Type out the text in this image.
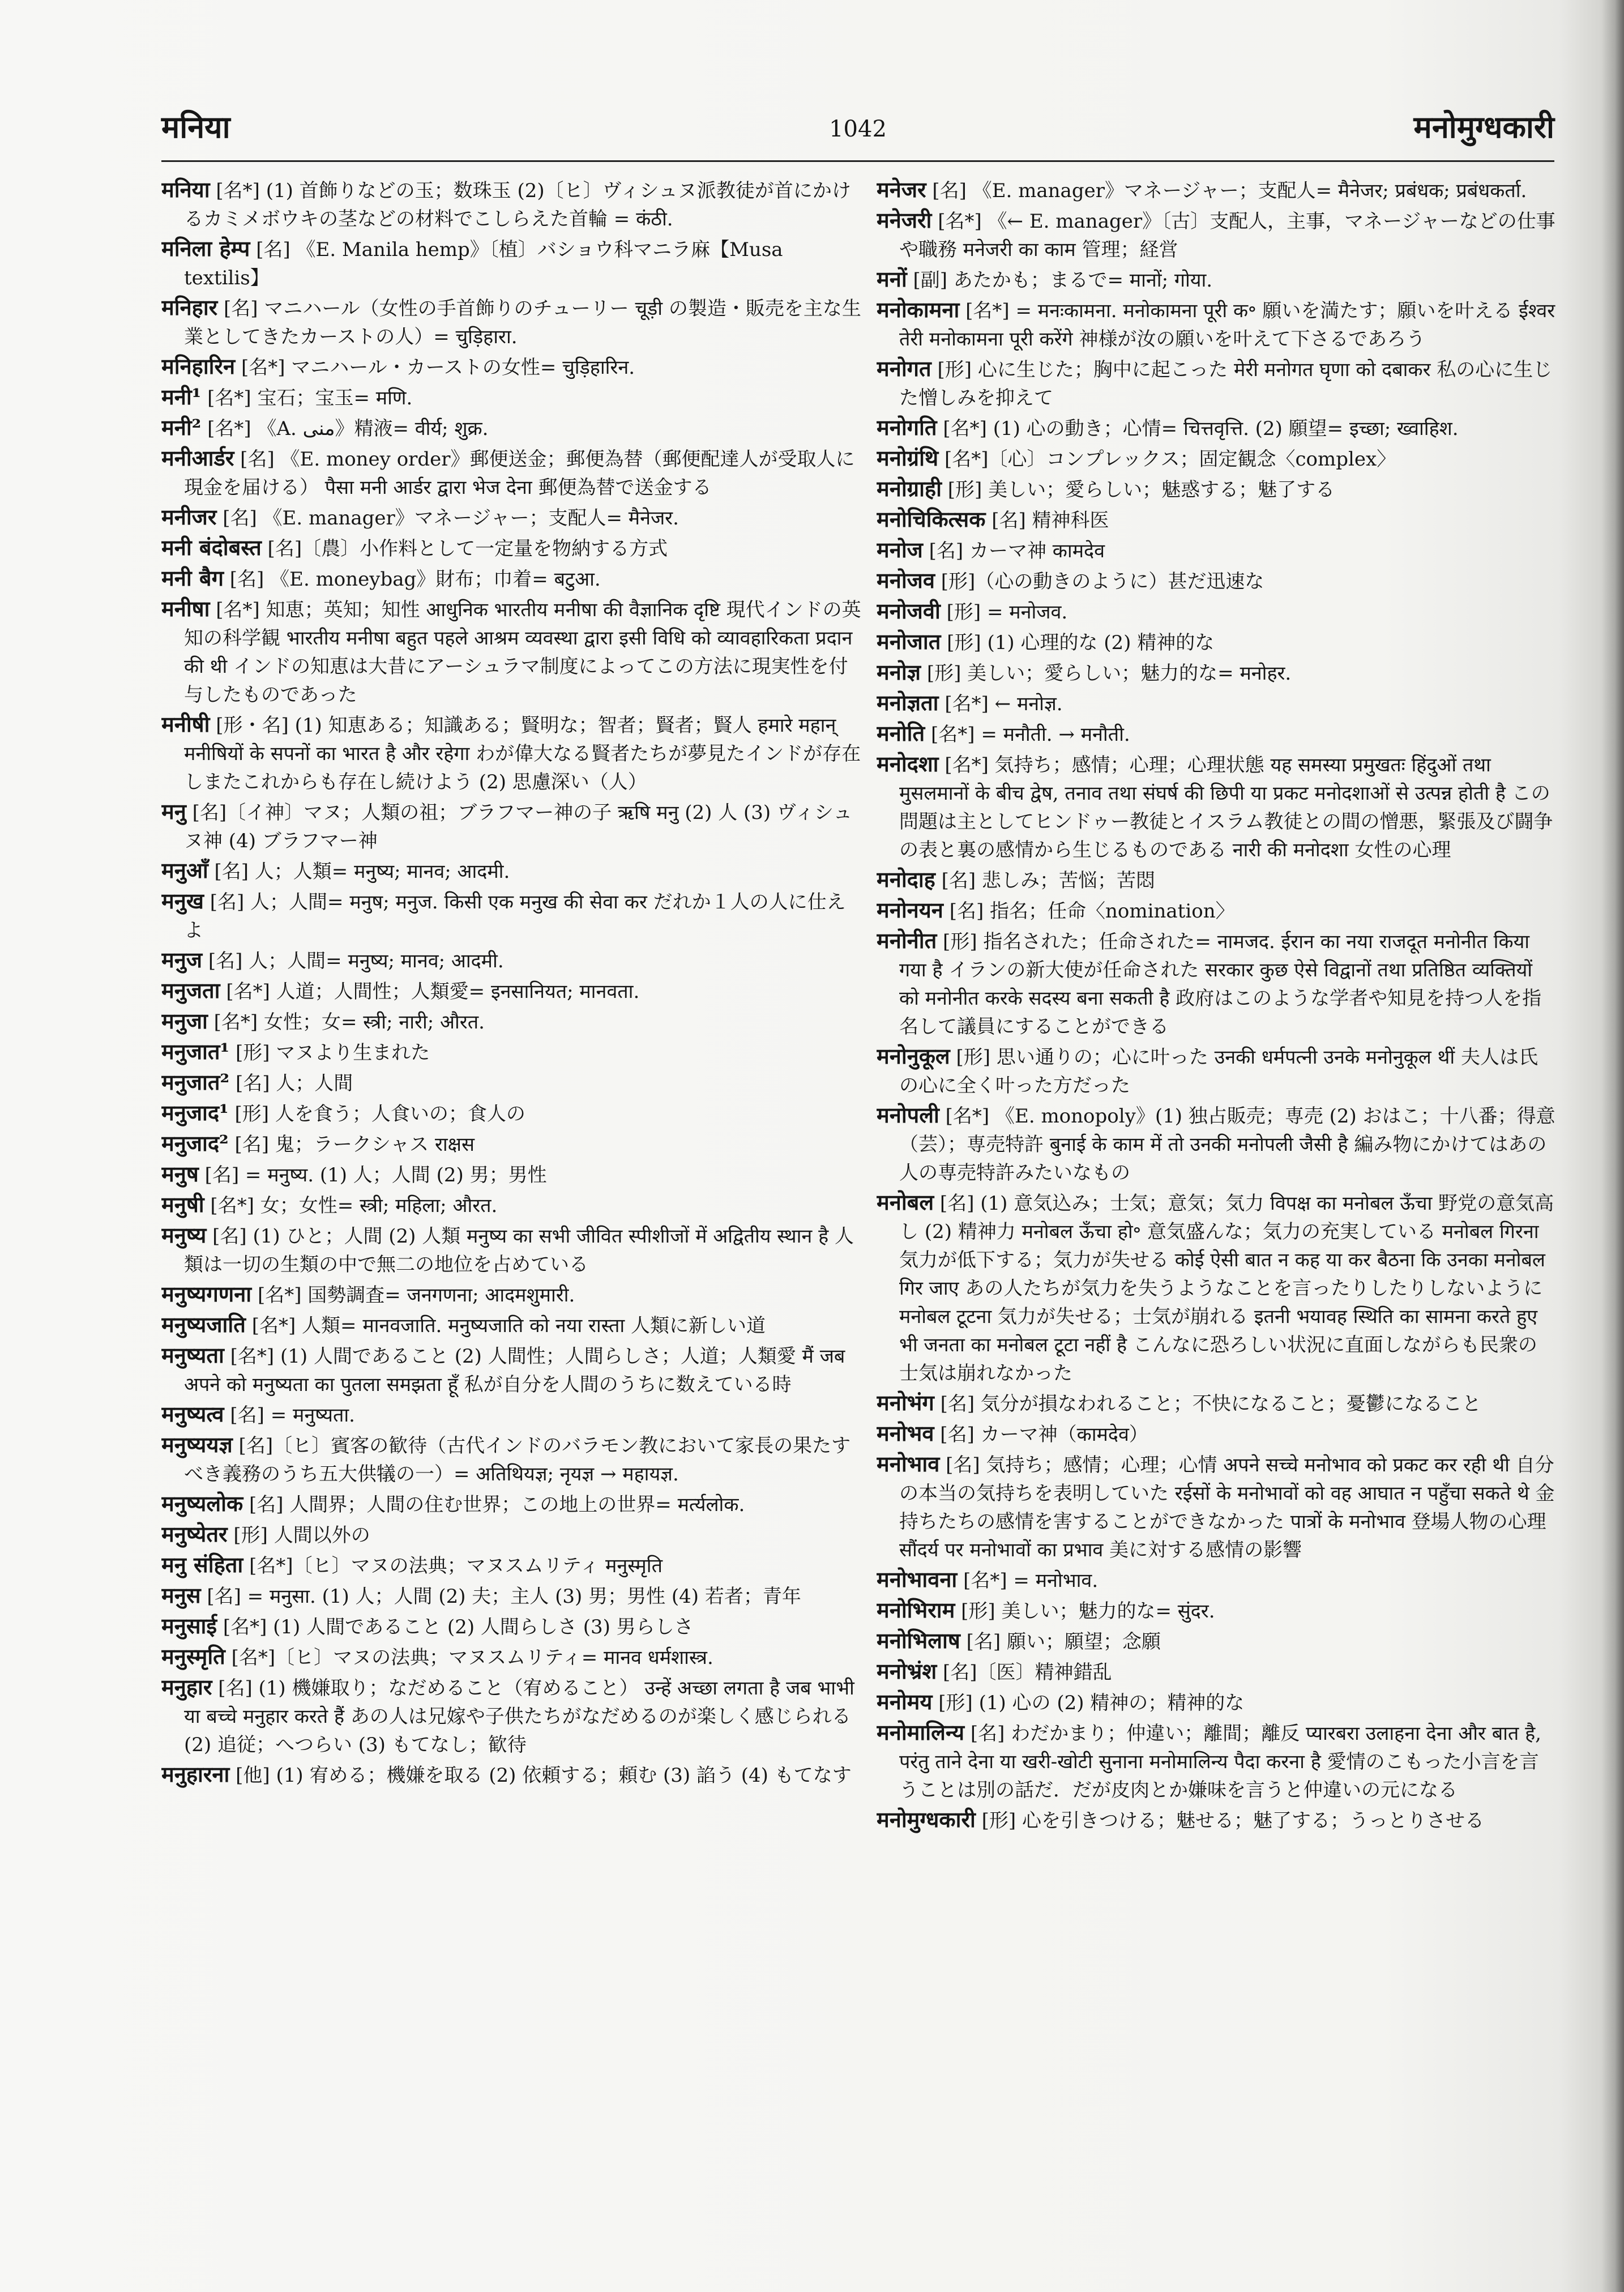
मनिया	1042	मनोमुग्धकारी

मनिया [名*] (1) 首飾りなどの玉；数珠玉 (2)〔ヒ〕ヴィシュヌ派教徒が首にかけるカミメボウキの茎などの材料でこしらえた首輪 = कंठी.

मनिला हेम्प [名] 《E. Manila hemp》〔植〕バショウ科マニラ麻【Musa textilis】

मनिहार [名] マニハール（女性の手首飾りのチューリー चूड़ी の製造・販売を主な生業としてきたカーストの人）= चुड़िहारा.

मनिहारिन [名*] マニハール・カーストの女性= चुड़िहारिन.

मनी¹ [名*] 宝石；宝玉= मणि.

मनी² [名*] 《A. منی》精液= वीर्य; शुक्र.

मनीआर्डर [名] 《E. money order》郵便送金；郵便為替（郵便配達人が受取人に現金を届ける） पैसा मनी आर्डर द्वारा भेज देना 郵便為替で送金する

मनीजर [名] 《E. manager》マネージャー；支配人= मैनेजर.

मनी बंदोबस्त [名]〔農〕小作料として一定量を物納する方式

मनी बैग [名] 《E. moneybag》財布；巾着= बटुआ.

मनीषा [名*] 知恵；英知；知性 आधुनिक भारतीय मनीषा की वैज्ञानिक दृष्टि 現代インドの英知の科学観 भारतीय मनीषा बहुत पहले आश्रम व्यवस्था द्वारा इसी विधि को व्यावहारिकता प्रदान की थी インドの知恵は大昔にアーシュラマ制度によってこの方法に現実性を付与したものであった

मनीषी [形・名] (1) 知恵ある；知識ある；賢明な；智者；賢者；賢人 हमारे महान् मनीषियों के सपनों का भारत है और रहेगा わが偉大なる賢者たちが夢見たインドが存在しまたこれからも存在し続けよう (2) 思慮深い（人）

मनु [名]〔イ神〕マヌ；人類の祖；ブラフマー神の子 ऋषि मनु (2) 人 (3) ヴィシュヌ神 (4) ブラフマー神

मनुआँ [名] 人；人類= मनुष्य; मानव; आदमी.

मनुख [名] 人；人間= मनुष; मनुज. किसी एक मनुख की सेवा कर だれか１人の人に仕えよ

मनुज [名] 人；人間= मनुष्य; मानव; आदमी.

मनुजता [名*] 人道；人間性；人類愛= इनसानियत; मानवता.

मनुजा [名*] 女性；女= स्त्री; नारी; औरत.

मनुजात¹ [形] マヌより生まれた

मनुजात² [名] 人；人間

मनुजाद¹ [形] 人を食う；人食いの；食人の

मनुजाद² [名] 鬼；ラークシャス राक्षस

मनुष [名] = मनुष्य. (1) 人；人間 (2) 男；男性

मनुषी [名*] 女；女性= स्त्री; महिला; औरत.

मनुष्य [名] (1) ひと；人間 (2) 人類 मनुष्य का सभी जीवित स्पीशीजों में अद्वितीय स्थान है 人類は一切の生類の中で無二の地位を占めている

मनुष्यगणना [名*] 国勢調査= जनगणना; आदमशुमारी.

मनुष्यजाति [名*] 人類= मानवजाति. मनुष्यजाति को नया रास्ता 人類に新しい道

मनुष्यता [名*] (1) 人間であること (2) 人間性；人間らしさ；人道；人類愛 मैं जब अपने को मनुष्यता का पुतला समझता हूँ 私が自分を人間のうちに数えている時

मनुष्यत्व [名] = मनुष्यता.

मनुष्ययज्ञ [名]〔ヒ〕賓客の歓待（古代インドのバラモン教において家長の果たすべき義務のうち五大供犠の一）= अतिथियज्ञ; नृयज्ञ → महायज्ञ.

मनुष्यलोक [名] 人間界；人間の住む世界；この地上の世界= मर्त्यलोक.

मनुष्येतर [形] 人間以外の

मनु संहिता [名*]〔ヒ〕マヌの法典；マヌスムリティ मनुस्मृति

मनुस [名] = मनुसा. (1) 人；人間 (2) 夫；主人 (3) 男；男性 (4) 若者；青年

मनुसाई [名*] (1) 人間であること (2) 人間らしさ (3) 男らしさ

मनुस्मृति [名*]〔ヒ〕マヌの法典；マヌスムリティ= मानव धर्मशास्त्र.

मनुहार [名] (1) 機嫌取り；なだめること（宥めること） उन्हें अच्छा लगता है जब भाभी या बच्चे मनुहार करते हैं あの人は兄嫁や子供たちがなだめるのが楽しく感じられる (2) 追従；へつらい (3) もてなし；歓待

मनुहारना [他] (1) 宥める；機嫌を取る (2) 依頼する；頼む (3) 諂う (4) もてなす

मनेजर [名] 《E. manager》マネージャー；支配人= मैनेजर; प्रबंधक; प्रबंधकर्ता.

मनेजरी [名*] 《← E. manager》〔古〕支配人，主事，マネージャーなどの仕事や職務 मनेजरी का काम 管理；経営

मनों [副] あたかも；まるで= मानों; गोया.

मनोकामना [名*] = मनःकामना. मनोकामना पूरी क॰ 願いを満たす；願いを叶える ईश्वर तेरी मनोकामना पूरी करेंगे 神様が汝の願いを叶えて下さるであろう

मनोगत [形] 心に生じた；胸中に起こった मेरी मनोगत घृणा को दबाकर 私の心に生じた憎しみを抑えて

मनोगति [名*] (1) 心の動き；心情= चित्तवृत्ति. (2) 願望= इच्छा; ख्वाहिश.

मनोग्रंथि [名*]〔心〕コンプレックス；固定観念〈complex〉

मनोग्राही [形] 美しい；愛らしい；魅惑する；魅了する

मनोचिकित्सक [名] 精神科医

मनोज [名] カーマ神 कामदेव

मनोजव [形]（心の動きのように）甚だ迅速な

मनोजवी [形] = मनोजव.

मनोजात [形] (1) 心理的な (2) 精神的な

मनोज्ञ [形] 美しい；愛らしい；魅力的な= मनोहर.

मनोज्ञता [名*] ← मनोज्ञ.

मनोति [名*] = मनौती. → मनौती.

मनोदशा [名*] 気持ち；感情；心理；心理状態 यह समस्या प्रमुखतः हिंदुओं तथा मुसलमानों के बीच द्वेष, तनाव तथा संघर्ष की छिपी या प्रकट मनोदशाओं से उत्पन्न होती है この問題は主としてヒンドゥー教徒とイスラム教徒との間の憎悪，緊張及び闘争の表と裏の感情から生じるものである नारी की मनोदशा 女性の心理

मनोदाह [名] 悲しみ；苦悩；苦悶

मनोनयन [名] 指名；任命〈nomination〉

मनोनीत [形] 指名された；任命された= नामजद. ईरान का नया राजदूत मनोनीत किया गया है イランの新大使が任命された सरकार कुछ ऐसे विद्वानों तथा प्रतिष्ठित व्यक्तियों को मनोनीत करके सदस्य बना सकती है 政府はこのような学者や知見を持つ人を指名して議員にすることができる

मनोनुकूल [形] 思い通りの；心に叶った उनकी धर्मपत्नी उनके मनोनुकूल थीं 夫人は氏の心に全く叶った方だった

मनोपली [名*] 《E. monopoly》(1) 独占販売；専売 (2) おはこ；十八番；得意（芸）；専売特許 बुनाई के काम में तो उनकी मनोपली जैसी है 編み物にかけてはあの人の専売特許みたいなもの

मनोबल [名] (1) 意気込み；士気；意気；気力 विपक्ष का मनोबल ऊँचा 野党の意気高し (2) 精神力 मनोबल ऊँचा हो॰ 意気盛んな；気力の充実している मनोबल गिरना 気力が低下する；気力が失せる कोई ऐसी बात न कह या कर बैठना कि उनका मनोबल गिर जाए あの人たちが気力を失うようなことを言ったりしたりしないように मनोबल टूटना 気力が失せる；士気が崩れる इतनी भयावह स्थिति का सामना करते हुए भी जनता का मनोबल टूटा नहीं है こんなに恐ろしい状況に直面しながらも民衆の士気は崩れなかった

मनोभंग [名] 気分が損なわれること；不快になること；憂鬱になること

मनोभव [名] カーマ神（कामदेव）

मनोभाव [名] 気持ち；感情；心理；心情 अपने सच्चे मनोभाव को प्रकट कर रही थी 自分の本当の気持ちを表明していた रईसों के मनोभावों को वह आघात न पहुँचा सकते थे 金持ちたちの感情を害することができなかった पात्रों के मनोभाव 登場人物の心理 सौंदर्य पर मनोभावों का प्रभाव 美に対する感情の影響

मनोभावना [名*] = मनोभाव.

मनोभिराम [形] 美しい；魅力的な= सुंदर.

मनोभिलाष [名] 願い；願望；念願

मनोभ्रंश [名]〔医〕精神錯乱

मनोमय [形] (1) 心の (2) 精神の；精神的な

मनोमालिन्य [名] わだかまり；仲違い；離間；離反 प्यारबरा उलाहना देना और बात है, परंतु ताने देना या खरी-खोटी सुनाना मनोमालिन्य पैदा करना है 愛情のこもった小言を言うことは別の話だ．だが皮肉とか嫌味を言うと仲違いの元になる

मनोमुग्धकारी [形] 心を引きつける；魅せる；魅了する；うっとりさせる
